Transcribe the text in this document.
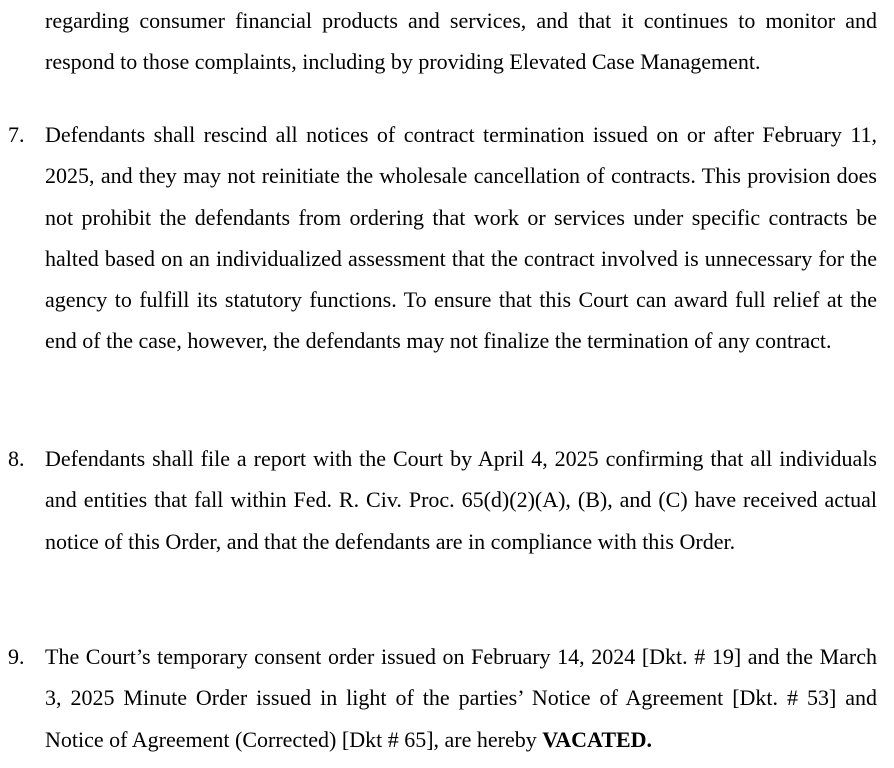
regarding consumer financial products and services, and that it continues to monitor and respond to those complaints, including by providing Elevated Case Management.

7. Defendants shall rescind all notices of contract termination issued on or after February 11, 2025, and they may not reinitiate the wholesale cancellation of contracts. This provision does not prohibit the defendants from ordering that work or services under specific contracts be halted based on an individualized assessment that the contract involved is unnecessary for the agency to fulfill its statutory functions. To ensure that this Court can award full relief at the end of the case, however, the defendants may not finalize the termination of any contract.

8. Defendants shall file a report with the Court by April 4, 2025 confirming that all individuals and entities that fall within Fed. R. Civ. Proc. 65(d)(2)(A), (B), and (C) have received actual notice of this Order, and that the defendants are in compliance with this Order.

9. The Court’s temporary consent order issued on February 14, 2024 [Dkt. # 19] and the March 3, 2025 Minute Order issued in light of the parties’ Notice of Agreement [Dkt. # 53] and Notice of Agreement (Corrected) [Dkt # 65], are hereby VACATED.
